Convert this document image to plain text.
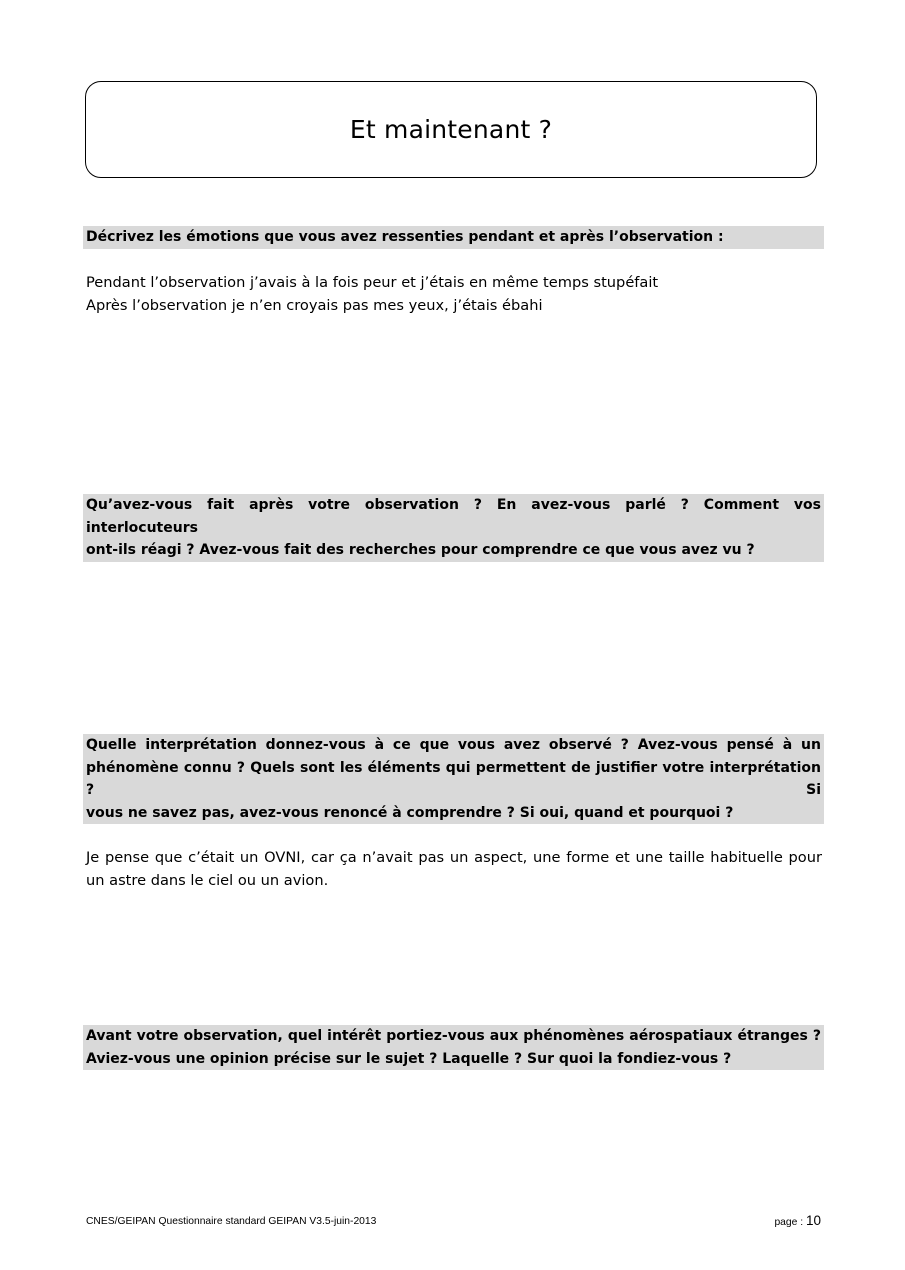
Et maintenant ?
Décrivez les émotions que vous avez ressenties pendant et après l’observation :
Pendant l’observation j’avais à la fois peur et j’étais en même temps stupéfait
Après l’observation je n’en croyais pas mes yeux, j’étais ébahi
Qu’avez-vous fait après votre observation ? En avez-vous parlé ? Comment vos interlocuteurs
ont-ils réagi ? Avez-vous fait des recherches pour comprendre ce que vous avez vu ?
Quelle interprétation donnez-vous à ce que vous avez observé ? Avez-vous pensé à un
phénomène connu ? Quels sont les éléments qui permettent de justifier votre interprétation ? Si
vous ne savez pas, avez-vous renoncé à comprendre ? Si oui, quand et pourquoi ?
Je pense que c’était un OVNI, car ça n’avait pas un aspect, une forme et une taille habituelle pour
un astre dans le ciel ou un avion.
Avant votre observation, quel intérêt portiez-vous aux phénomènes aérospatiaux étranges ?
Aviez-vous une opinion précise sur le sujet ? Laquelle ? Sur quoi la fondiez-vous ?
CNES/GEIPAN Questionnaire standard GEIPAN V3.5-juin-2013	page : 10
